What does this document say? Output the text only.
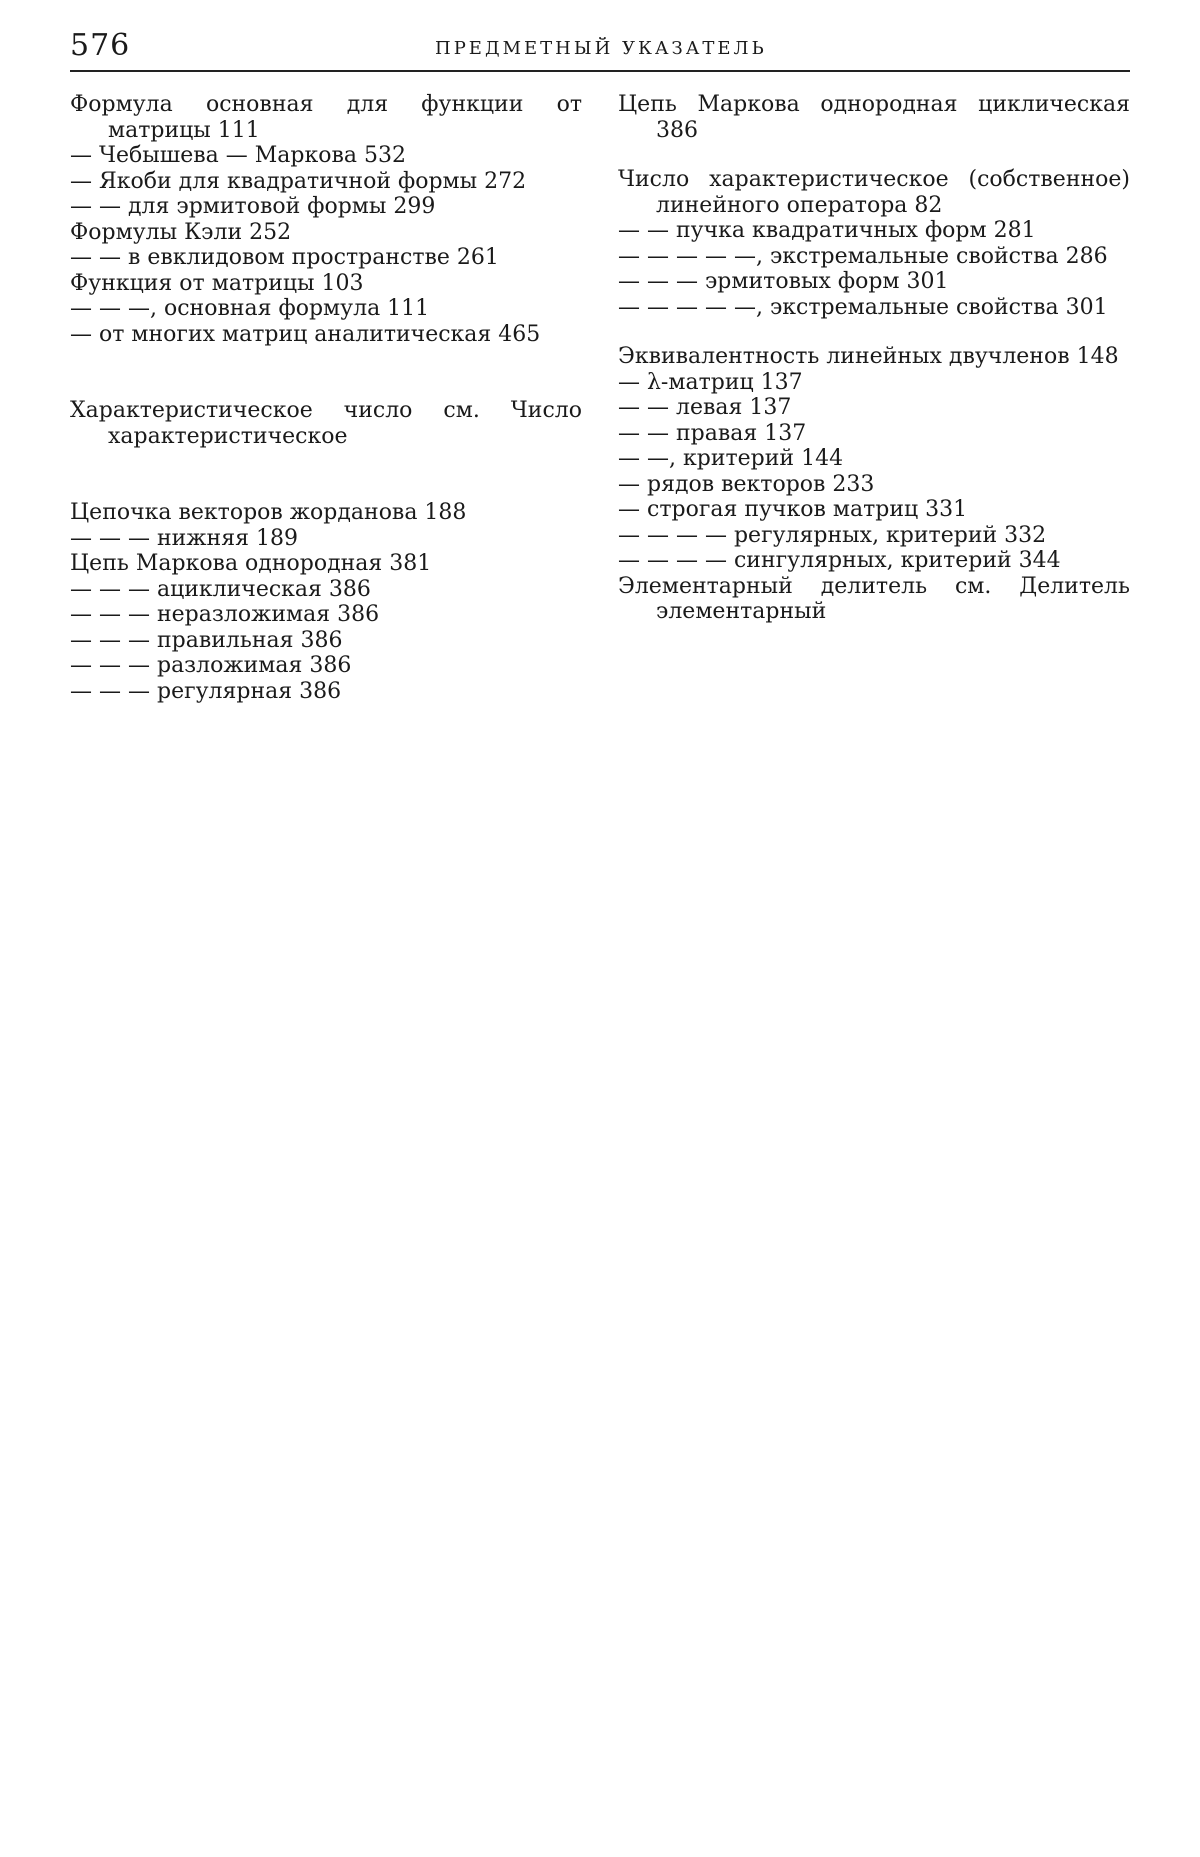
576	ПРЕДМЕТНЫЙ УКАЗАТЕЛЬ

Формула основная для функции от матрицы 111

— Чебышева — Маркова 532

— Якоби для квадратичной формы 272

— — для эрмитовой формы 299

Формулы Кэли 252

— — в евклидовом пространстве 261

Функция от матрицы 103

— — —, основная формула 111

— от многих матриц аналитическая 465

Характеристическое число см. Число характеристическое

Цепочка векторов жорданова 188

— — — нижняя 189

Цепь Маркова однородная 381

— — — ациклическая 386

— — — неразложимая 386

— — — правильная 386

— — — разложимая 386

— — — регулярная 386

Цепь Маркова однородная циклическая 386

Число характеристическое (собственное) линейного оператора 82

— — пучка квадратичных форм 281

— — — — —, экстремальные свойства 286

— — — эрмитовых форм 301

— — — — —, экстремальные свойства 301

Эквивалентность линейных двучленов 148

— λ-матриц 137

— — левая 137

— — правая 137

— —, критерий 144

— рядов векторов 233

— строгая пучков матриц 331

— — — — регулярных, критерий 332

— — — — сингулярных, критерий 344

Элементарный делитель см. Делитель элементарный
